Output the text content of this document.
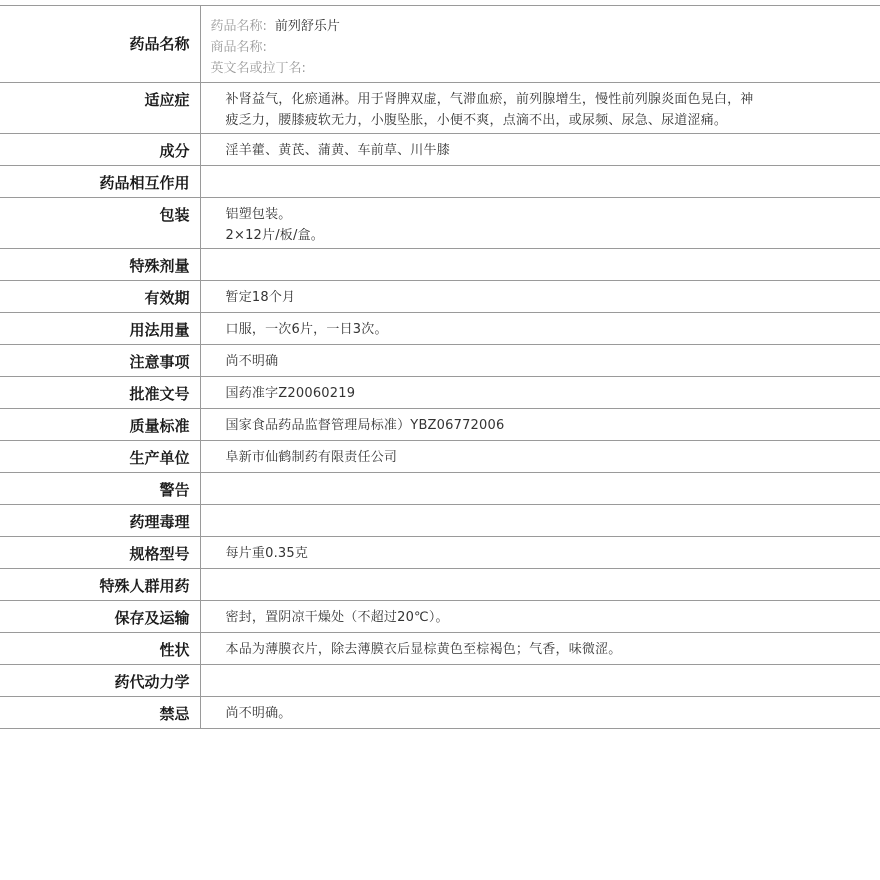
药品名称	药品名称: 前列舒乐片
商品名称:
英文名或拉丁名:

适应症	补肾益气，化瘀通淋。用于肾脾双虚，气滞血瘀，前列腺增生，慢性前列腺炎面色晃白，神
疲乏力，腰膝疲软无力，小腹坠胀，小便不爽，点滴不出，或尿频、尿急、尿道涩痛。

成分	淫羊藿、黄芪、蒲黄、车前草、川牛膝

药品相互作用	

包装	铝塑包装。
2×12片/板/盒。

特殊剂量	

有效期	暂定18个月

用法用量	口服，一次6片，一日3次。

注意事项	尚不明确

批准文号	国药准字Z20060219

质量标准	国家食品药品监督管理局标准）YBZ06772006

生产单位	阜新市仙鹤制药有限责任公司

警告	

药理毒理	

规格型号	每片重0.35克

特殊人群用药	

保存及运输	密封，置阴凉干燥处（不超过20℃）。

性状	本品为薄膜衣片，除去薄膜衣后显棕黄色至棕褐色；气香，味微涩。

药代动力学	

禁忌	尚不明确。
